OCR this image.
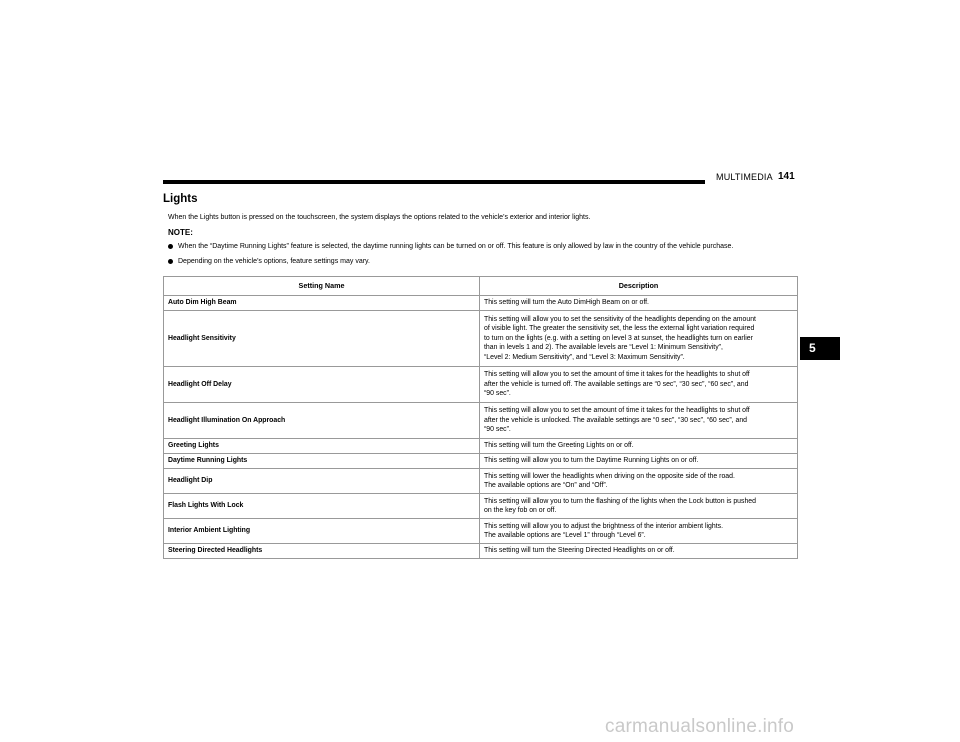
MULTIMEDIA 141
5
Lights
When the Lights button is pressed on the touchscreen, the system displays the options related to the vehicle’s exterior and interior lights.
NOTE:
When the “Daytime Running Lights” feature is selected, the daytime running lights can be turned on or off. This feature is only allowed by law in the country of the vehicle purchase.
Depending on the vehicle’s options, feature settings may vary.
Setting Name	Description
Auto Dim High Beam	This setting will turn the Auto DimHigh Beam on or off.
Headlight Sensitivity	This setting will allow you to set the sensitivity of the headlights depending on the amount
of visible light. The greater the sensitivity set, the less the external light variation required
to turn on the lights (e.g. with a setting on level 3 at sunset, the headlights turn on earlier
than in levels 1 and 2). The available levels are “Level 1: Minimum Sensitivity”,
“Level 2: Medium Sensitivity”, and “Level 3: Maximum Sensitivity”.
Headlight Off Delay	This setting will allow you to set the amount of time it takes for the headlights to shut off
after the vehicle is turned off. The available settings are “0 sec”, “30 sec”, “60 sec”, and
“90 sec”.
Headlight Illumination On Approach	This setting will allow you to set the amount of time it takes for the headlights to shut off
after the vehicle is unlocked. The available settings are “0 sec”, “30 sec”, “60 sec”, and
“90 sec”.
Greeting Lights	This setting will turn the Greeting Lights on or off.
Daytime Running Lights	This setting will allow you to turn the Daytime Running Lights on or off.
Headlight Dip	This setting will lower the headlights when driving on the opposite side of the road.
The available options are “On” and “Off”.
Flash Lights With Lock	This setting will allow you to turn the flashing of the lights when the Lock button is pushed
on the key fob on or off.
Interior Ambient Lighting	This setting will allow you to adjust the brightness of the interior ambient lights.
The available options are “Level 1” through “Level 6”.
Steering Directed Headlights	This setting will turn the Steering Directed Headlights on or off.
carmanualsonline.info
